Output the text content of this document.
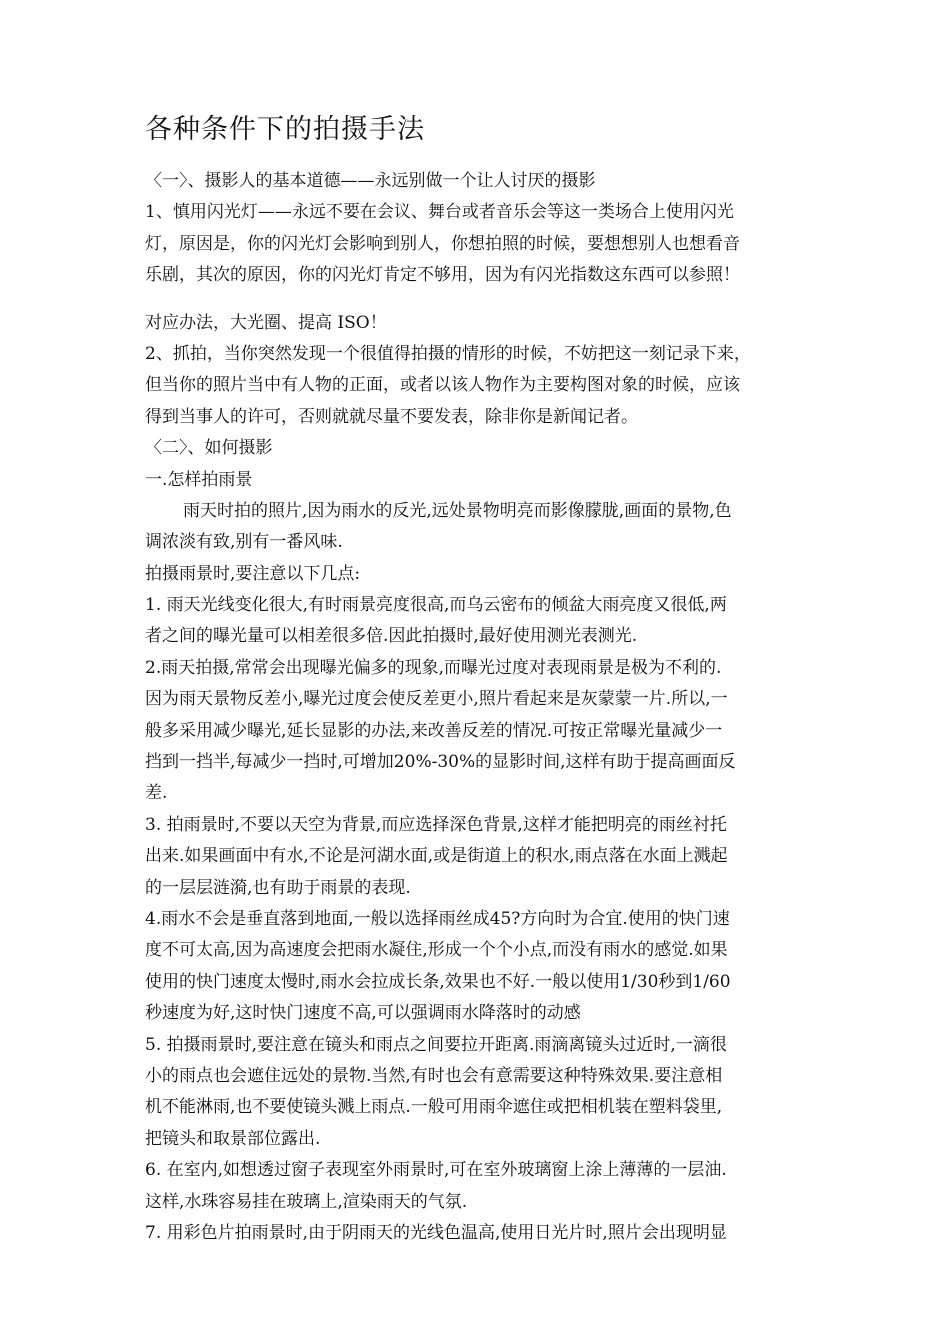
各种条件下的拍摄手法
〈一〉、摄影人的基本道德——永远别做一个让人讨厌的摄影
1、慎用闪光灯——永远不要在会议、舞台或者音乐会等这一类场合上使用闪光
灯，原因是，你的闪光灯会影响到别人，你想拍照的时候，要想想别人也想看音
乐剧，其次的原因，你的闪光灯肯定不够用，因为有闪光指数这东西可以参照！
对应办法，大光圈、提高 ISO！
2、抓拍，当你突然发现一个很值得拍摄的情形的时候，不妨把这一刻记录下来，
但当你的照片当中有人物的正面，或者以该人物作为主要构图对象的时候，应该
得到当事人的许可，否则就就尽量不要发表，除非你是新闻记者。
〈二〉、如何摄影
一.怎样拍雨景
雨天时拍的照片,因为雨水的反光,远处景物明亮而影像朦胧,画面的景物,色
调浓淡有致,别有一番风味.
拍摄雨景时,要注意以下几点:
1. 雨天光线变化很大,有时雨景亮度很高,而乌云密布的倾盆大雨亮度又很低,两
者之间的曝光量可以相差很多倍.因此拍摄时,最好使用测光表测光.
2.雨天拍摄,常常会出现曝光偏多的现象,而曝光过度对表现雨景是极为不利的.
因为雨天景物反差小,曝光过度会使反差更小,照片看起来是灰蒙蒙一片.所以,一
般多采用减少曝光,延长显影的办法,来改善反差的情况.可按正常曝光量减少一
挡到一挡半,每减少一挡时,可增加20%-30%的显影时间,这样有助于提高画面反
差.
3. 拍雨景时,不要以天空为背景,而应选择深色背景,这样才能把明亮的雨丝衬托
出来.如果画面中有水,不论是河湖水面,或是街道上的积水,雨点落在水面上溅起
的一层层涟漪,也有助于雨景的表现.
4.雨水不会是垂直落到地面,一般以选择雨丝成45?方向时为合宜.使用的快门速
度不可太高,因为高速度会把雨水凝住,形成一个个小点,而没有雨水的感觉.如果
使用的快门速度太慢时,雨水会拉成长条,效果也不好.一般以使用1/30秒到1/60
秒速度为好,这时快门速度不高,可以强调雨水降落时的动感
5. 拍摄雨景时,要注意在镜头和雨点之间要拉开距离.雨滴离镜头过近时,一滴很
小的雨点也会遮住远处的景物.当然,有时也会有意需要这种特殊效果.要注意相
机不能淋雨,也不要使镜头溅上雨点.一般可用雨伞遮住或把相机装在塑料袋里,
把镜头和取景部位露出.
6. 在室内,如想透过窗子表现室外雨景时,可在室外玻璃窗上涂上薄薄的一层油.
这样,水珠容易挂在玻璃上,渲染雨天的气氛.
7. 用彩色片拍雨景时,由于阴雨天的光线色温高,使用日光片时,照片会出现明显
